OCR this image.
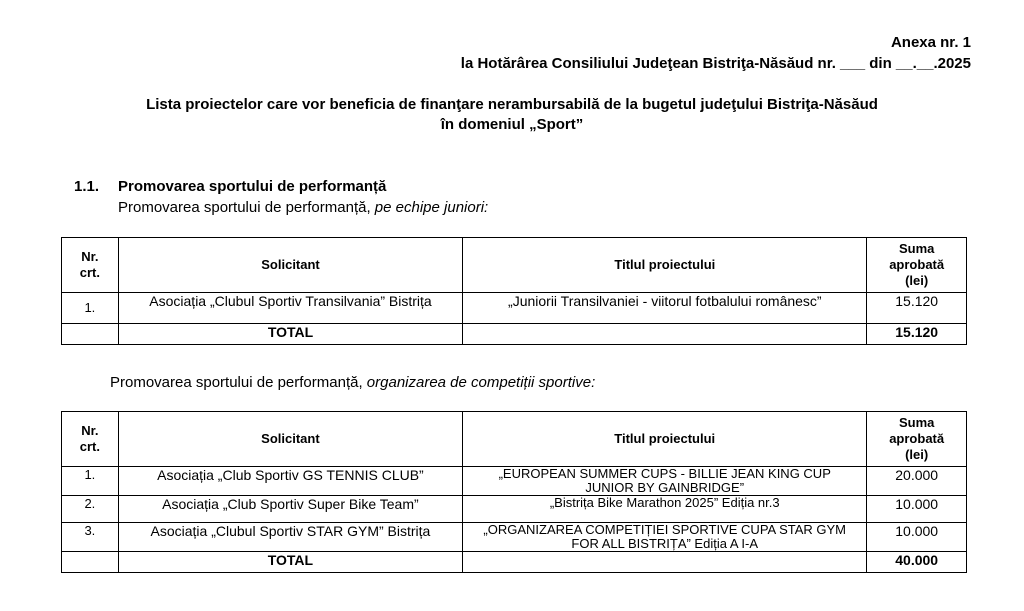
Anexa nr. 1
la Hotărârea Consiliului Judeţean Bistriţa-Năsăud nr. ___ din __.__.2025
Lista proiectelor care vor beneficia de finanţare nerambursabilă de la bugetul judeţului Bistriţa-Năsăud
în domeniul „Sport”
1.1. Promovarea sportului de performanță
Promovarea sportului de performanță, pe echipe juniori:
Nr.
crt.	Solicitant	Titlul proiectului	Suma
aprobată
(lei)
1.	Asociația „Clubul Sportiv Transilvania” Bistrița	„Juniorii Transilvaniei - viitorul fotbalului românesc”	15.120
	TOTAL		15.120
Promovarea sportului de performanță, organizarea de competiții sportive:
Nr.
crt.	Solicitant	Titlul proiectului	Suma
aprobată
(lei)
1.	Asociația „Club Sportiv GS TENNIS CLUB”	„EUROPEAN SUMMER CUPS - BILLIE JEAN KING CUP
JUNIOR BY GAINBRIDGE”	20.000
2.	Asociația „Club Sportiv Super Bike Team”	„Bistrița Bike Marathon 2025” Ediția nr.3	10.000
3.	Asociația „Clubul Sportiv STAR GYM” Bistrița	„ORGANIZAREA COMPETIȚIEI SPORTIVE CUPA STAR GYM
FOR ALL BISTRIȚA” Ediția A I-A	10.000
	TOTAL		40.000
